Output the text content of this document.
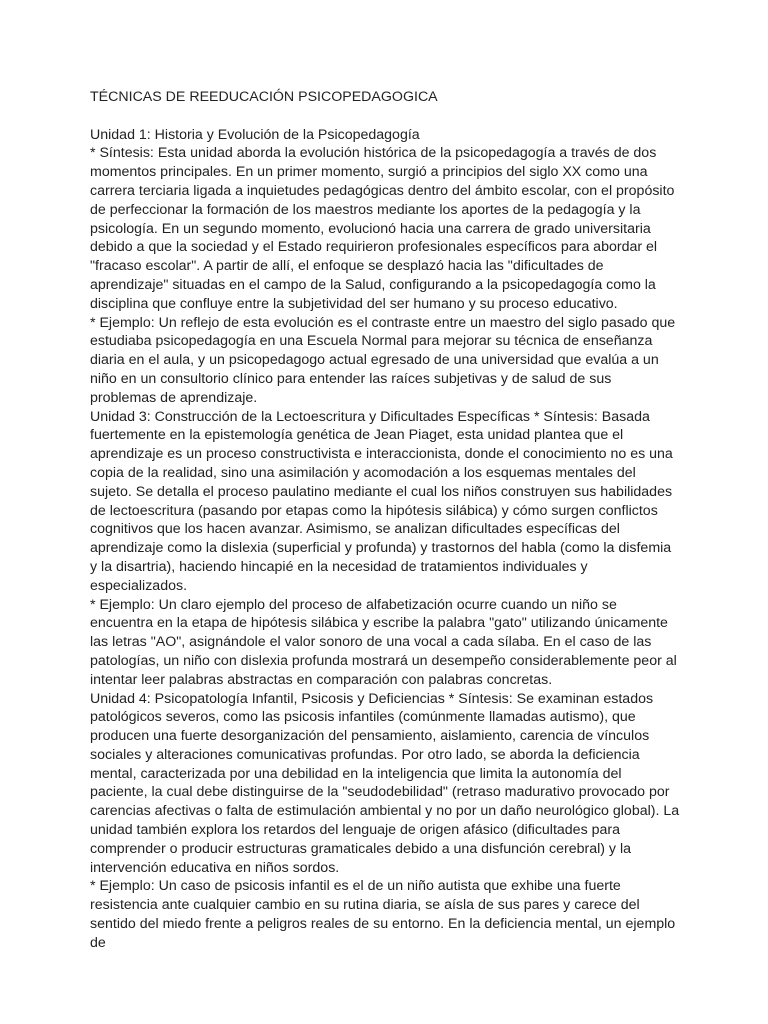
TÉCNICAS DE REEDUCACIÓN PSICOPEDAGOGICA

Unidad 1: Historia y Evolución de la Psicopedagogía

* Síntesis: Esta unidad aborda la evolución histórica de la psicopedagogía a través de dos momentos principales. En un primer momento, surgió a principios del siglo XX como una carrera terciaria ligada a inquietudes pedagógicas dentro del ámbito escolar, con el propósito de perfeccionar la formación de los maestros mediante los aportes de la pedagogía y la psicología. En un segundo momento, evolucionó hacia una carrera de grado universitaria debido a que la sociedad y el Estado requirieron profesionales específicos para abordar el "fracaso escolar". A partir de allí, el enfoque se desplazó hacia las "dificultades de aprendizaje" situadas en el campo de la Salud, configurando a la psicopedagogía como la disciplina que confluye entre la subjetividad del ser humano y su proceso educativo.

* Ejemplo: Un reflejo de esta evolución es el contraste entre un maestro del siglo pasado que estudiaba psicopedagogía en una Escuela Normal para mejorar su técnica de enseñanza diaria en el aula, y un psicopedagogo actual egresado de una universidad que evalúa a un niño en un consultorio clínico para entender las raíces subjetivas y de salud de sus problemas de aprendizaje.

Unidad 3: Construcción de la Lectoescritura y Dificultades Específicas * Síntesis: Basada fuertemente en la epistemología genética de Jean Piaget, esta unidad plantea que el aprendizaje es un proceso constructivista e interaccionista, donde el conocimiento no es una copia de la realidad, sino una asimilación y acomodación a los esquemas mentales del sujeto. Se detalla el proceso paulatino mediante el cual los niños construyen sus habilidades de lectoescritura (pasando por etapas como la hipótesis silábica) y cómo surgen conflictos cognitivos que los hacen avanzar. Asimismo, se analizan dificultades específicas del aprendizaje como la dislexia (superficial y profunda) y trastornos del habla (como la disfemia y la disartria), haciendo hincapié en la necesidad de tratamientos individuales y especializados.

* Ejemplo: Un claro ejemplo del proceso de alfabetización ocurre cuando un niño se encuentra en la etapa de hipótesis silábica y escribe la palabra "gato" utilizando únicamente las letras "AO", asignándole el valor sonoro de una vocal a cada sílaba. En el caso de las patologías, un niño con dislexia profunda mostrará un desempeño considerablemente peor al intentar leer palabras abstractas en comparación con palabras concretas.

Unidad 4: Psicopatología Infantil, Psicosis y Deficiencias * Síntesis: Se examinan estados patológicos severos, como las psicosis infantiles (comúnmente llamadas autismo), que producen una fuerte desorganización del pensamiento, aislamiento, carencia de vínculos sociales y alteraciones comunicativas profundas. Por otro lado, se aborda la deficiencia mental, caracterizada por una debilidad en la inteligencia que limita la autonomía del paciente, la cual debe distinguirse de la "seudodebilidad" (retraso madurativo provocado por carencias afectivas o falta de estimulación ambiental y no por un daño neurológico global). La unidad también explora los retardos del lenguaje de origen afásico (dificultades para comprender o producir estructuras gramaticales debido a una disfunción cerebral) y la intervención educativa en niños sordos.

* Ejemplo: Un caso de psicosis infantil es el de un niño autista que exhibe una fuerte resistencia ante cualquier cambio en su rutina diaria, se aísla de sus pares y carece del sentido del miedo frente a peligros reales de su entorno. En la deficiencia mental, un ejemplo de
